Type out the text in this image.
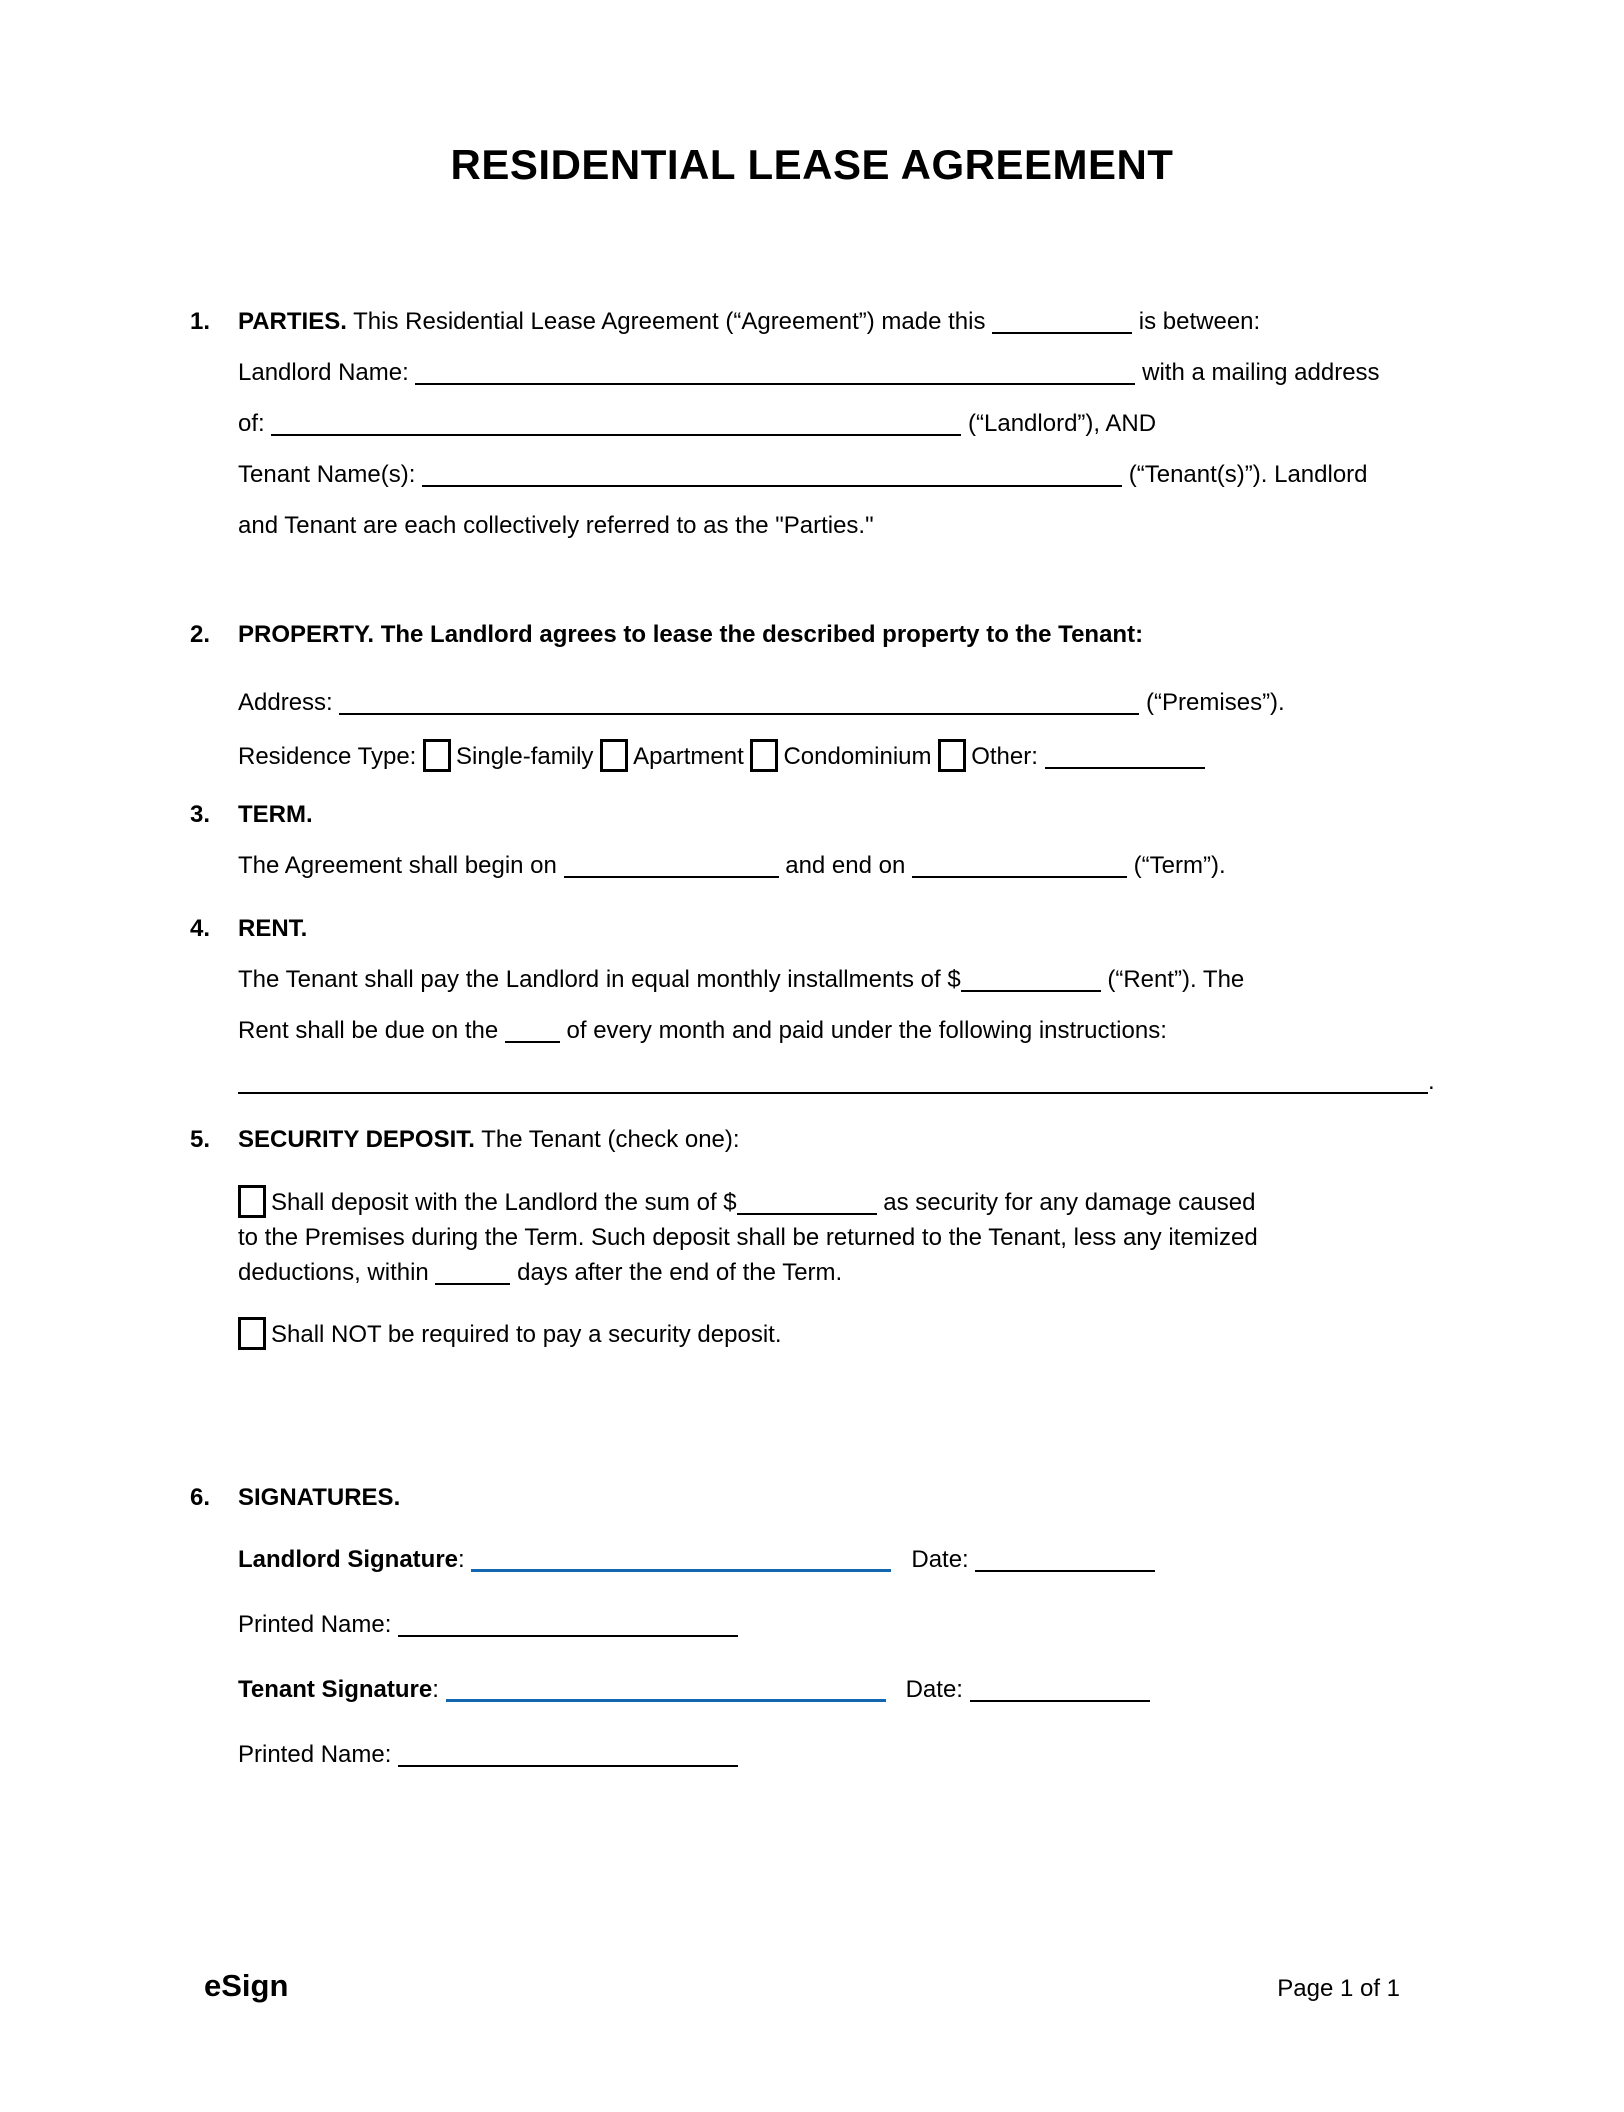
RESIDENTIAL LEASE AGREEMENT
1.	PARTIES. This Residential Lease Agreement (“Agreement”) made this	is between:
Landlord Name:	with a mailing address
of:	(“Landlord”), AND
Tenant Name(s):	(“Tenant(s)”). Landlord
and Tenant are each collectively referred to as the "Parties."
2.	PROPERTY. The Landlord agrees to lease the described property to the Tenant:
Address:	(“Premises”).
Residence Type: Single-family Apartment Condominium Other:
3.	TERM.
The Agreement shall begin on	and end on	(“Term”).
4.	RENT.
The Tenant shall pay the Landlord in equal monthly installments of $	(“Rent”). The
Rent shall be due on the  of every month and paid under the following instructions:
.
5.	SECURITY DEPOSIT. The Tenant (check one):
Shall deposit with the Landlord the sum of $	as security for any damage caused
to the Premises during the Term. Such deposit shall be returned to the Tenant, less any itemized
deductions, within	days after the end of the Term.
Shall NOT be required to pay a security deposit.
6.	SIGNATURES.
Landlord Signature:	Date:
Printed Name:
Tenant Signature:	Date:
Printed Name:
eSign	Page 1 of 1
